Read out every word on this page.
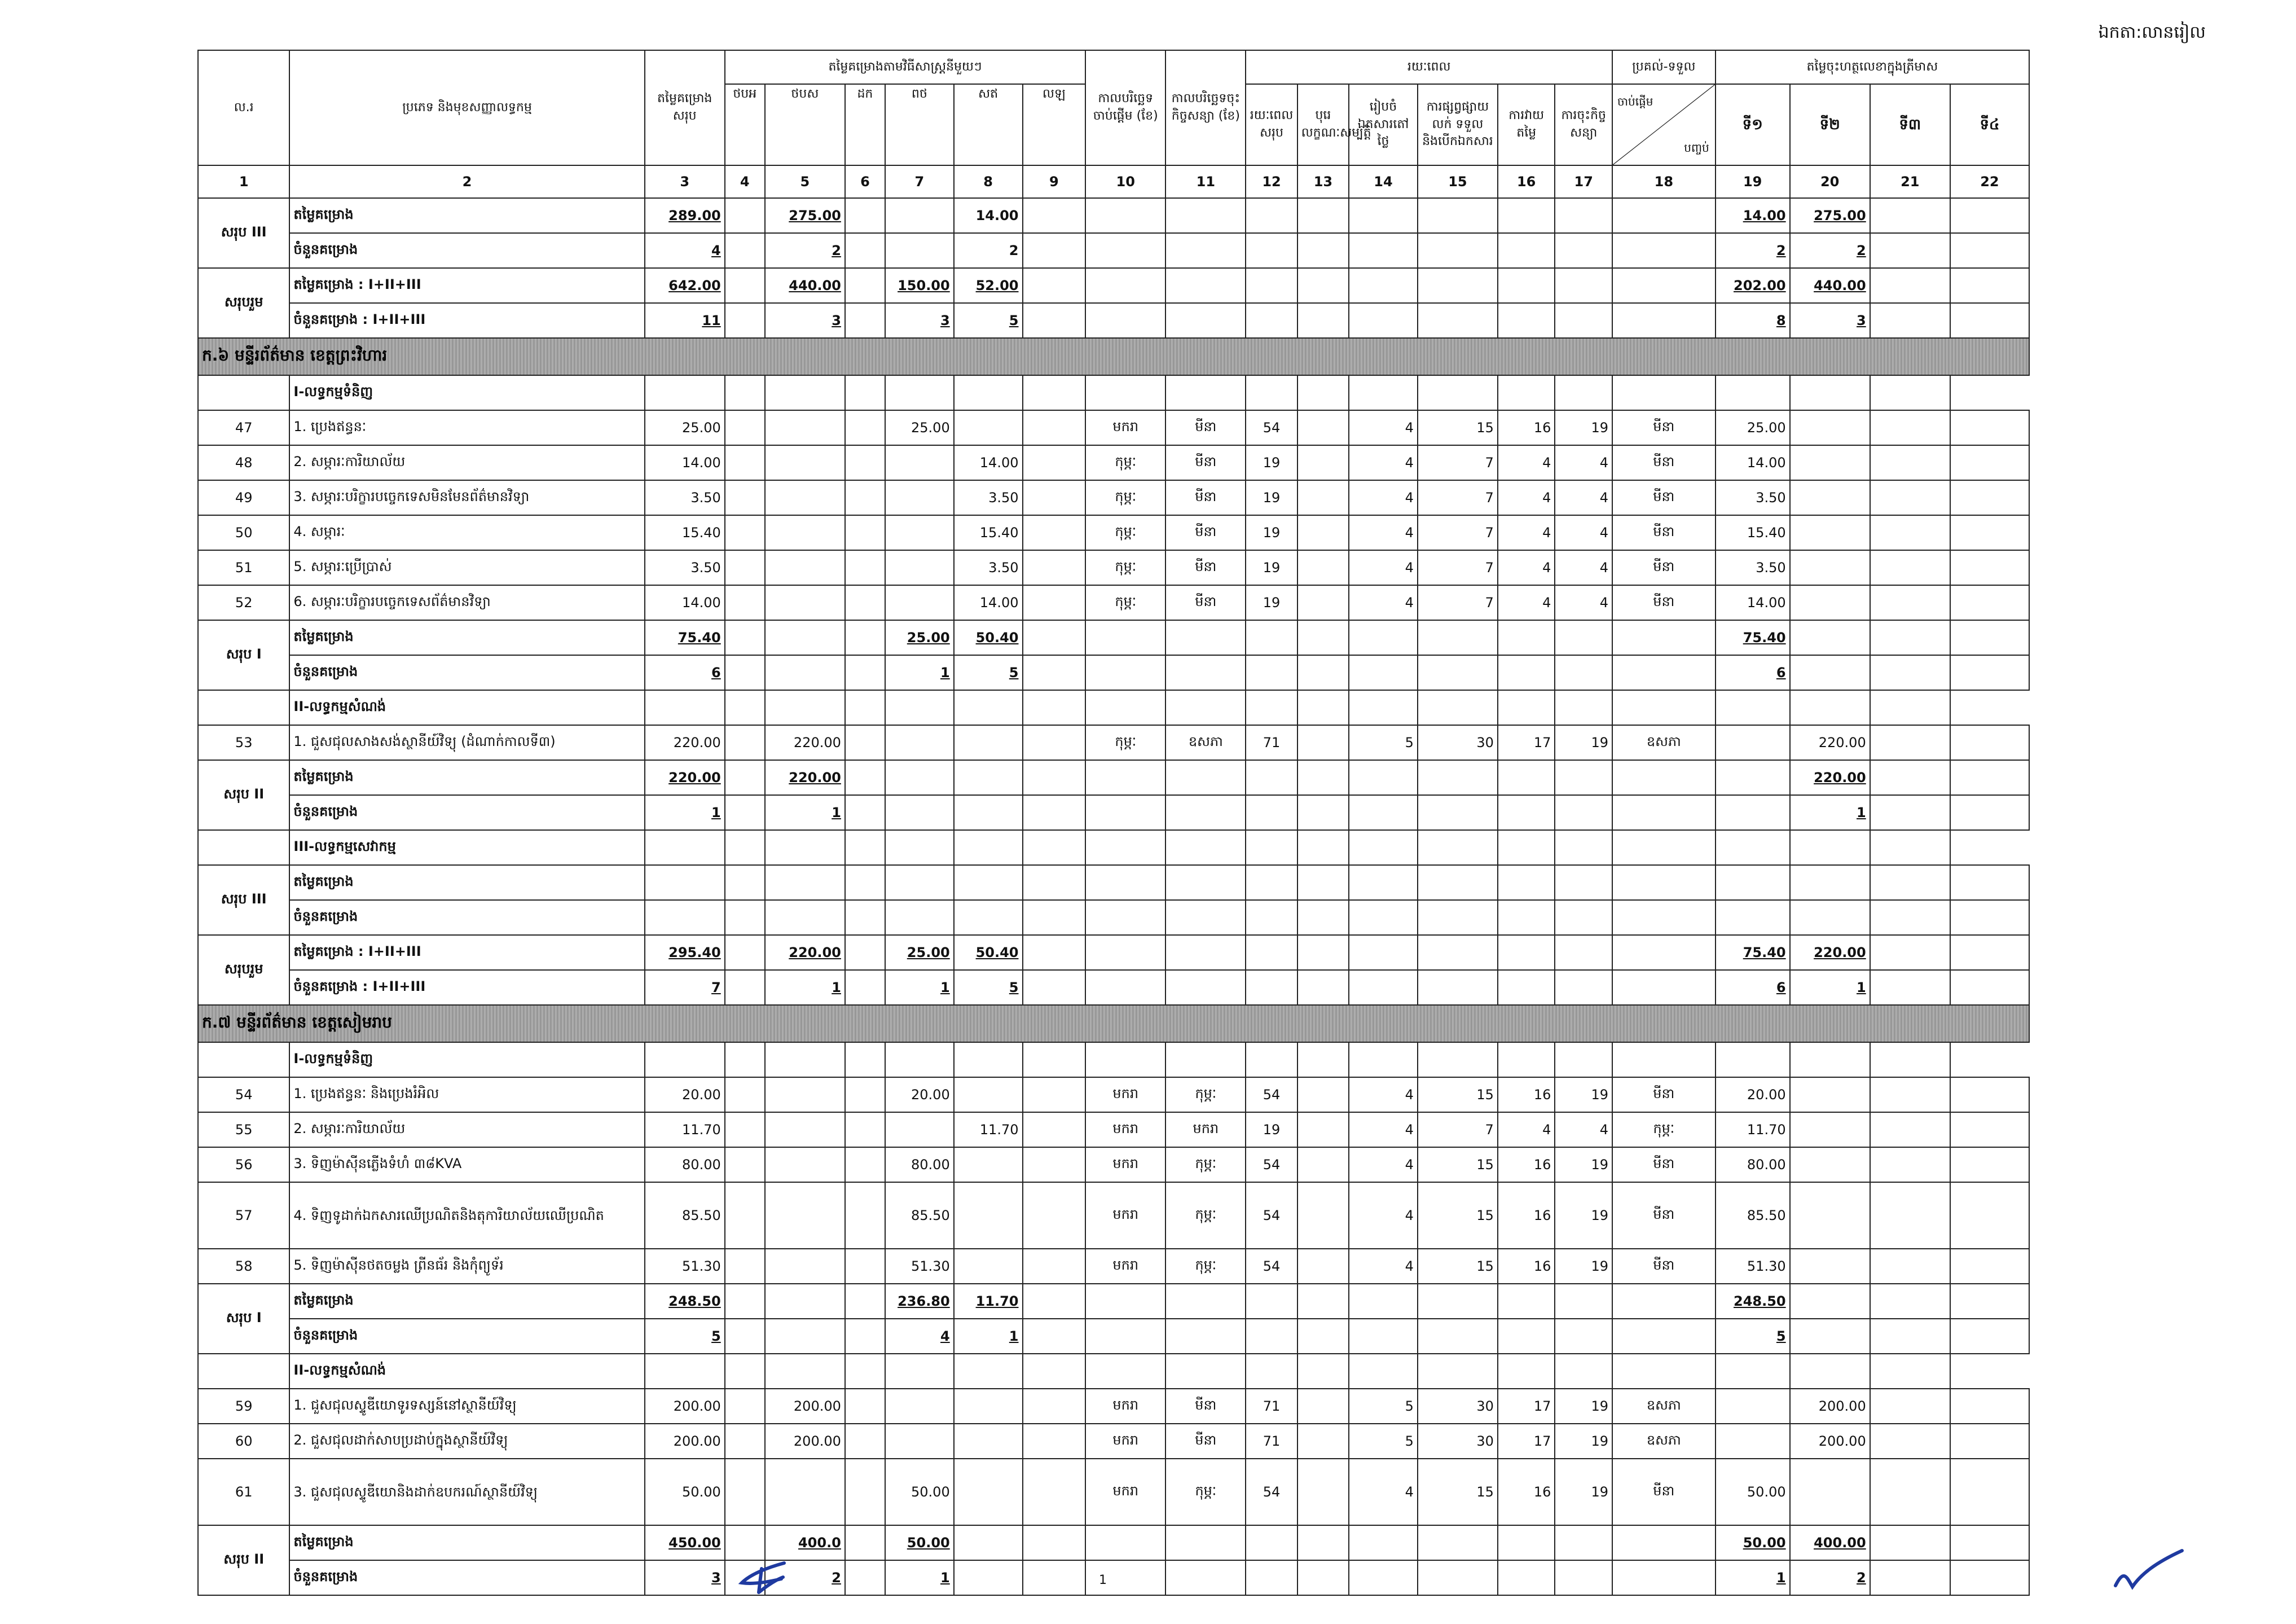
ឯកតា:លានរៀល
ល.រ	ប្រភេទ និងមុខសញ្ញាលទ្ធកម្ម	តម្លៃគម្រោងសរុប	តម្លៃគម្រោងតាមវិធីសាស្ត្រនីមួយៗ						កាលបរិច្ឆេទចាប់ផ្តើម (ខែ)	កាលបរិច្ឆេទចុះកិច្ចសន្យា (ខែ)	រយៈពេល						ប្រគល់-ទទួល	តម្លៃចុះហត្ថលេខាក្នុងត្រីមាស			
			ថបអ	ថបស	ដក	ពថ	សឥ	លឡ			រយៈពេលសរុប	បុរេលក្ខណៈសម្បត្តិ	រៀបចំឯកសារតៅថ្លៃ	ការផ្សព្វផ្សាយ លក់ ទទួល និងបើកឯកសារ	ការវាយតម្លៃ	ការចុះកិច្ចសន្យា	ចាប់ផ្តើម
បញ្ចប់	ទី១	ទី២	ទី៣	ទី៤
1	2	3	4	5	6	7	8	9	10	11	12	13	14	15	16	17	18	19	20	21	22
សរុប III	តម្លៃគម្រោង	289.00		275.00			14.00											14.00	275.00		
	ចំនួនគម្រោង	4		2			2											2	2		
សរុបរួម	តម្លៃគម្រោង : I+II+III	642.00		440.00		150.00	52.00											202.00	440.00		
	ចំនួនគម្រោង : I+II+III	11		3		3	5											8	3		
ក.៦ មន្ទីរព័ត៌មាន ខេត្តព្រះវិហារ																					
	I-លទ្ធកម្មទំនិញ																				
47	1. ប្រេងឥន្ធនៈ	25.00				25.00			មករា	មីនា	54		4	15	16	19	មីនា	25.00			
48	2. សម្ភារៈការិយាល័យ	14.00					14.00		កុម្ភៈ	មីនា	19		4	7	4	4	មីនា	14.00			
49	3. សម្ភារៈបរិក្ខារបច្ចេកទេសមិនមែនព័ត៌មានវិទ្យា	3.50					3.50		កុម្ភៈ	មីនា	19		4	7	4	4	មីនា	3.50			
50	4. សម្ភារៈ	15.40					15.40		កុម្ភៈ	មីនា	19		4	7	4	4	មីនា	15.40			
51	5. សម្ភារៈប្រើប្រាស់	3.50					3.50		កុម្ភៈ	មីនា	19		4	7	4	4	មីនា	3.50			
52	6. សម្ភារៈបរិក្ខារបច្ចេកទេសព័ត៌មានវិទ្យា	14.00					14.00		កុម្ភៈ	មីនា	19		4	7	4	4	មីនា	14.00			
សរុប I	តម្លៃគម្រោង	75.40				25.00	50.40											75.40			
	ចំនួនគម្រោង	6				1	5											6			
	II-លទ្ធកម្មសំណង់																				
53	1. ជួសជុលសាងសង់ស្ថានីយ៍វិទ្យុ (ដំណាក់កាលទី៣)	220.00		220.00					កុម្ភៈ	ឧសភា	71		5	30	17	19	ឧសភា		220.00		
សរុប II	តម្លៃគម្រោង	220.00		220.00															220.00		
	ចំនួនគម្រោង	1		1															1		
	III-លទ្ធកម្មសេវាកម្ម																				
សរុប III	តម្លៃគម្រោង																				
	ចំនួនគម្រោង																				
សរុបរួម	តម្លៃគម្រោង : I+II+III	295.40		220.00		25.00	50.40											75.40	220.00		
	ចំនួនគម្រោង : I+II+III	7		1		1	5											6	1		
ក.៧ មន្ទីរព័ត៌មាន ខេត្តសៀមរាប																					
	I-លទ្ធកម្មទំនិញ																				
54	1. ប្រេងឥន្ធនៈ និងប្រេងរំអិល	20.00				20.00			មករា	កុម្ភៈ	54		4	15	16	19	មីនា	20.00			
55	2. សម្ភារៈការិយាល័យ	11.70					11.70		មករា	មករា	19		4	7	4	4	កុម្ភៈ	11.70			
56	3. ទិញម៉ាស៊ីនភ្លើងទំហំ ៣៨KVA	80.00				80.00			មករា	កុម្ភៈ	54		4	15	16	19	មីនា	80.00			
57	4. ទិញទូដាក់ឯកសារឈើប្រណិតនិងតុការិយាល័យឈើប្រណិត	85.50				85.50			មករា	កុម្ភៈ	54		4	15	16	19	មីនា	85.50			
58	5. ទិញម៉ាស៊ីនថតចម្លង ព្រីនធ័រ និងកុំព្យូទ័រ	51.30				51.30			មករា	កុម្ភៈ	54		4	15	16	19	មីនា	51.30			
សរុប I	តម្លៃគម្រោង	248.50				236.80	11.70											248.50			
	ចំនួនគម្រោង	5				4	1											5			
	II-លទ្ធកម្មសំណង់																				
59	1. ជួសជុលស្ទូឌីយោទូរទស្សន៍នៅស្ថានីយ៍វិទ្យុ	200.00		200.00					មករា	មីនា	71		5	30	17	19	ឧសភា		200.00		
60	2. ជួសជុលដាក់សាបប្រដាប់ក្នុងស្ថានីយ៍វិទ្យុ	200.00		200.00					មករា	មីនា	71		5	30	17	19	ឧសភា		200.00		
61	3. ជួសជុលស្ទូឌីយោនិងដាក់ឧបករណ៍ស្ថានីយ៍វិទ្យុ	50.00				50.00			មករា	កុម្ភៈ	54		4	15	16	19	មីនា	50.00			
សរុប II	តម្លៃគម្រោង	450.00		400.0		50.00												50.00	400.00		
	ចំនួនគម្រោង	3		2		1												1	2		
1
